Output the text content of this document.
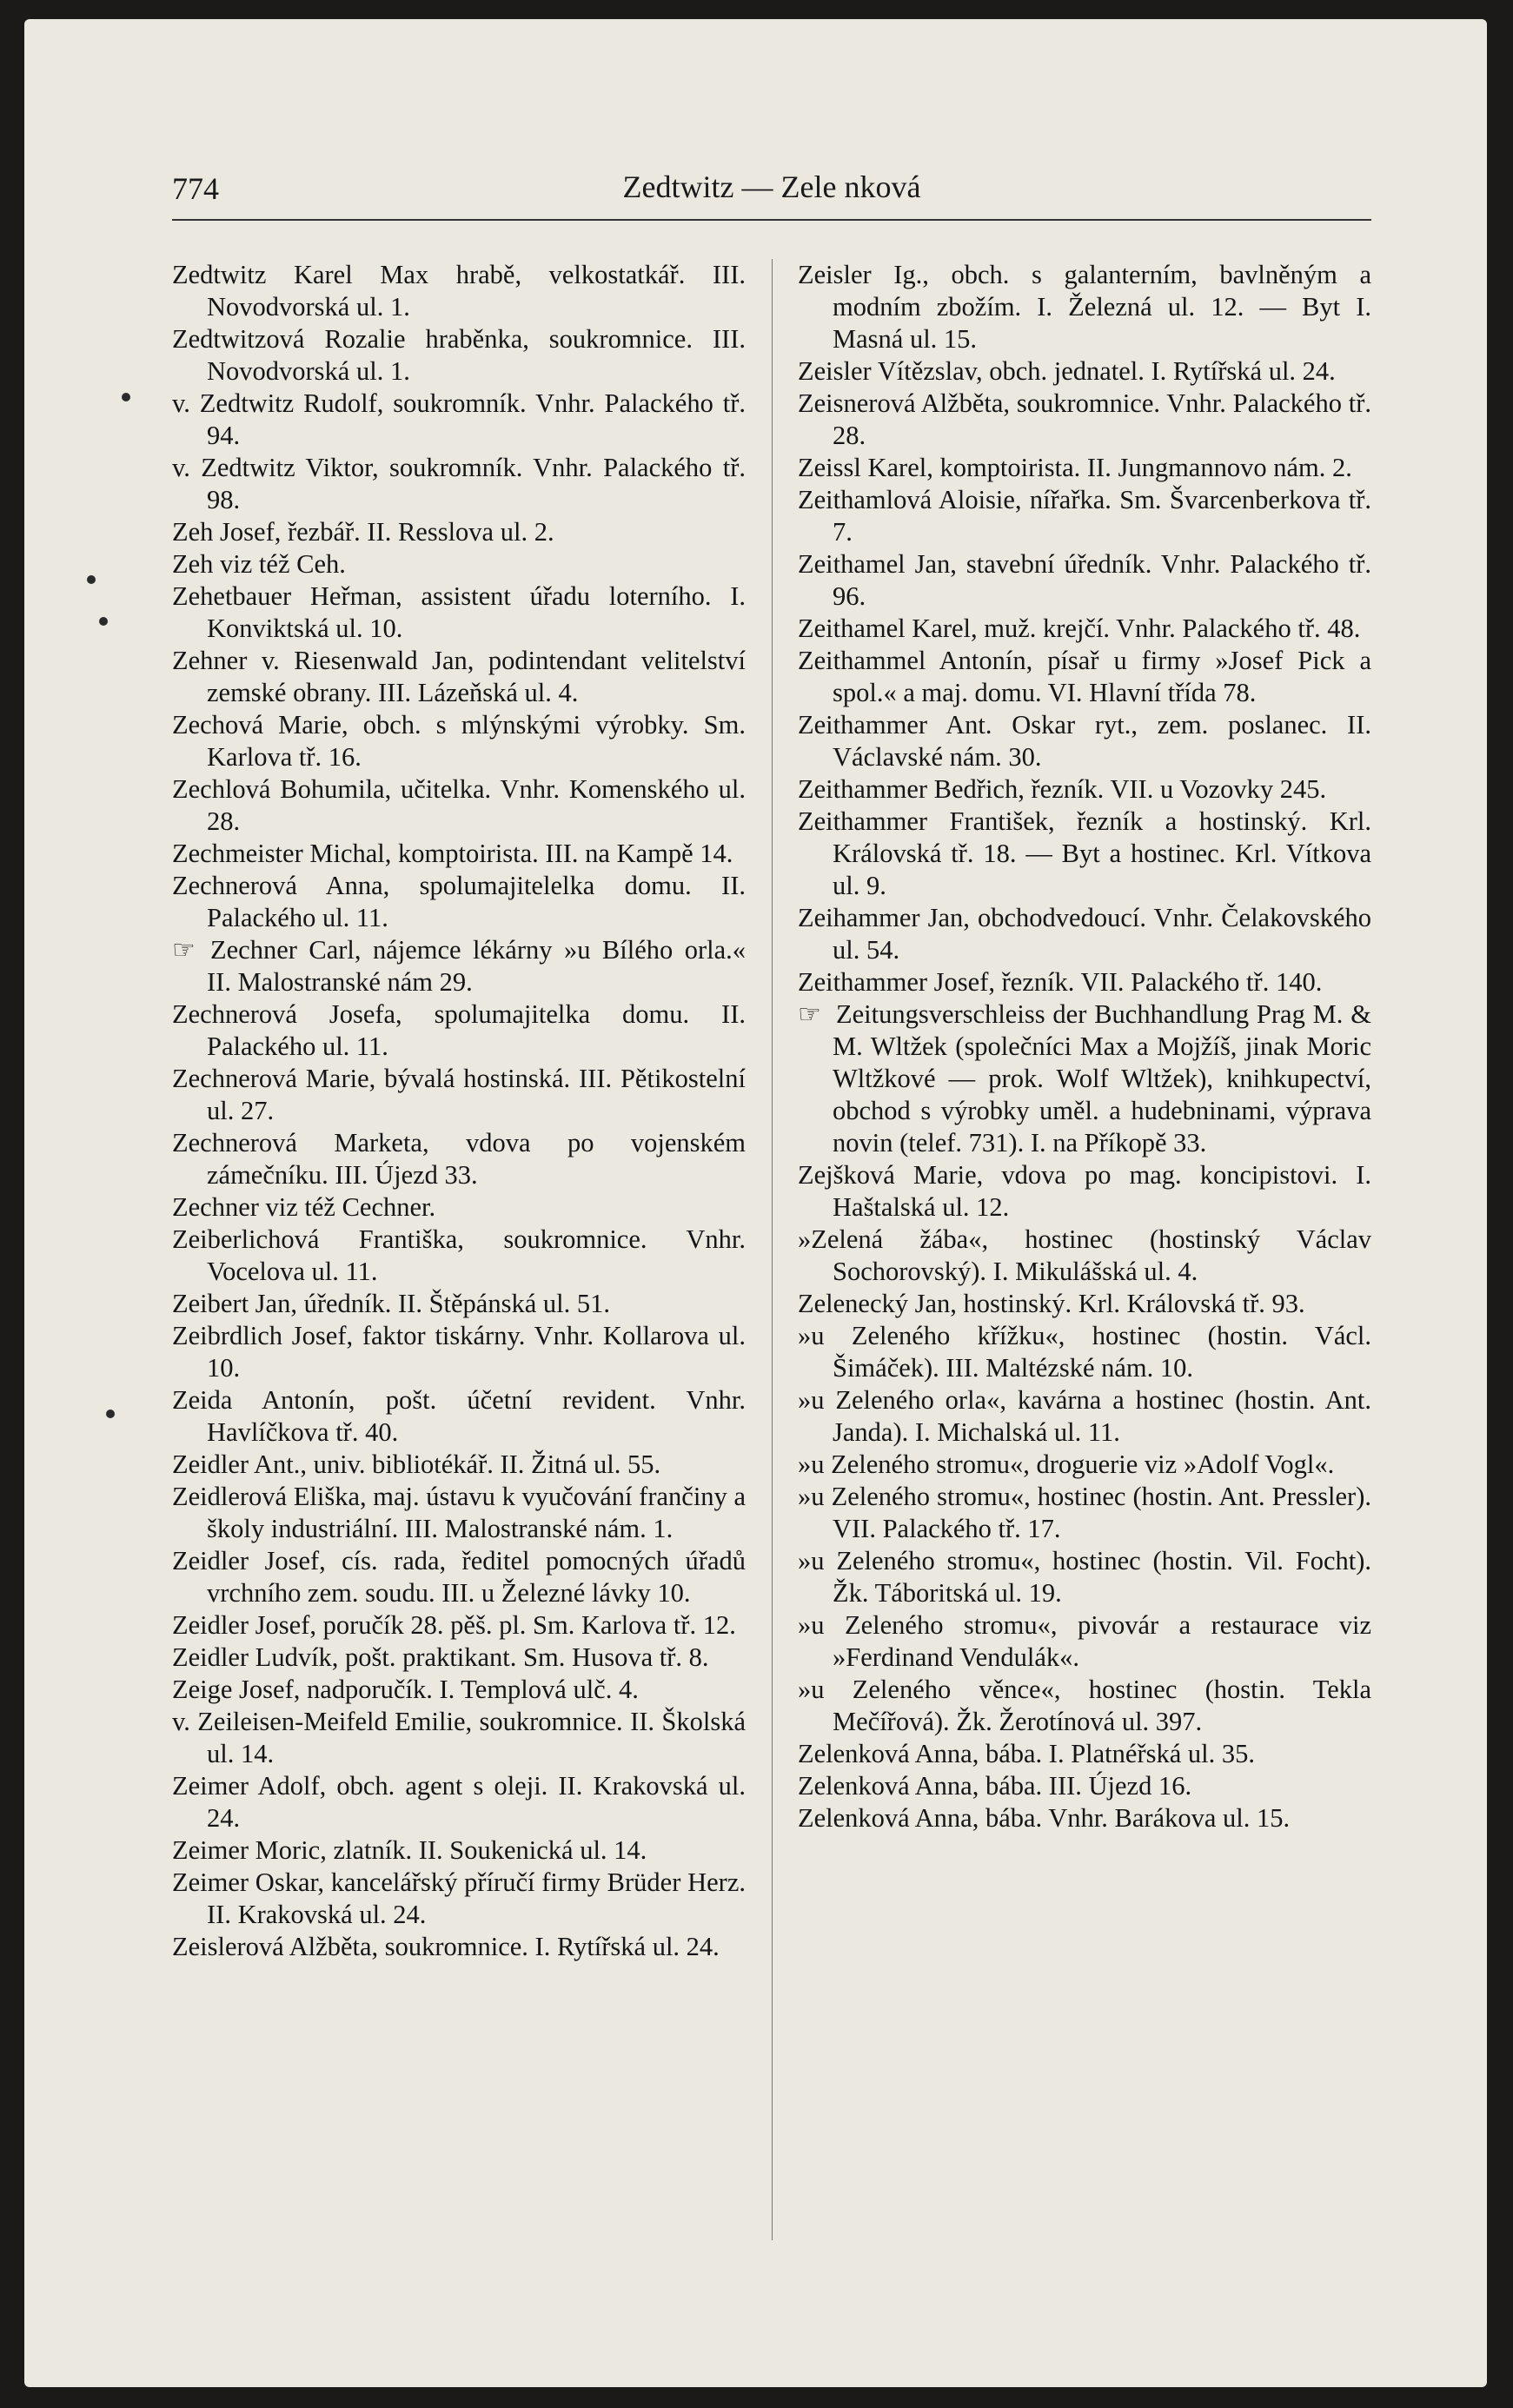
774	Zedtwitz — Zele nková

Zedtwitz Karel Max hrabě, velkostatkář. III. Novodvorská ul. 1.

Zedtwitzová Rozalie hraběnka, soukromnice. III. Novodvorská ul. 1.

v. Zedtwitz Rudolf, soukromník. Vnhr. Palackého tř. 94.

v. Zedtwitz Viktor, soukromník. Vnhr. Palackého tř. 98.

Zeh Josef, řezbář. II. Resslova ul. 2.

Zeh viz též Ceh.

Zehetbauer Heřman, assistent úřadu loterního. I. Konviktská ul. 10.

Zehner v. Riesenwald Jan, podintendant velitelství zemské obrany. III. Lázeňská ul. 4.

Zechová Marie, obch. s mlýnskými výrobky. Sm. Karlova tř. 16.

Zechlová Bohumila, učitelka. Vnhr. Komenského ul. 28.

Zechmeister Michal, komptoirista. III. na Kampě 14.

Zechnerová Anna, spolumajitelelka domu. II. Palackého ul. 11.

☞ Zechner Carl, nájemce lékárny »u Bílého orla.« II. Malostranské nám 29.

Zechnerová Josefa, spolumajitelka domu. II. Palackého ul. 11.

Zechnerová Marie, bývalá hostinská. III. Pětikostelní ul. 27.

Zechnerová Marketa, vdova po vojenském zámečníku. III. Újezd 33.

Zechner viz též Cechner.

Zeiberlichová Františka, soukromnice. Vnhr. Vocelova ul. 11.

Zeibert Jan, úředník. II. Štěpánská ul. 51.

Zeibrdlich Josef, faktor tiskárny. Vnhr. Kollarova ul. 10.

Zeida Antonín, pošt. účetní revident. Vnhr. Havlíčkova tř. 40.

Zeidler Ant., univ. bibliotékář. II. Žitná ul. 55.

Zeidlerová Eliška, maj. ústavu k vyučování frančiny a školy industriální. III. Malostranské nám. 1.

Zeidler Josef, cís. rada, ředitel pomocných úřadů vrchního zem. soudu. III. u Železné lávky 10.

Zeidler Josef, poručík 28. pěš. pl. Sm. Karlova tř. 12.

Zeidler Ludvík, pošt. praktikant. Sm. Husova tř. 8.

Zeige Josef, nadporučík. I. Templová ulč. 4.

v. Zeileisen-Meifeld Emilie, soukromnice. II. Školská ul. 14.

Zeimer Adolf, obch. agent s oleji. II. Krakovská ul. 24.

Zeimer Moric, zlatník. II. Soukenická ul. 14.

Zeimer Oskar, kancelářský příručí firmy Brüder Herz. II. Krakovská ul. 24.

Zeislerová Alžběta, soukromnice. I. Rytířská ul. 24.

Zeisler Ig., obch. s galanterním, bavlněným a modním zbožím. I. Železná ul. 12. — Byt I. Masná ul. 15.

Zeisler Vítězslav, obch. jednatel. I. Rytířská ul. 24.

Zeisnerová Alžběta, soukromnice. Vnhr. Palackého tř. 28.

Zeissl Karel, komptoirista. II. Jungmannovo nám. 2.

Zeithamlová Aloisie, nířařka. Sm. Švarcenberkova tř. 7.

Zeithamel Jan, stavební úředník. Vnhr. Palackého tř. 96.

Zeithamel Karel, muž. krejčí. Vnhr. Palackého tř. 48.

Zeithammel Antonín, písař u firmy »Josef Pick a spol.« a maj. domu. VI. Hlavní třída 78.

Zeithammer Ant. Oskar ryt., zem. poslanec. II. Václavské nám. 30.

Zeithammer Bedřich, řezník. VII. u Vozovky 245.

Zeithammer František, řezník a hostinský. Krl. Královská tř. 18. — Byt a hostinec. Krl. Vítkova ul. 9.

Zeihammer Jan, obchodvedoucí. Vnhr. Čelakovského ul. 54.

Zeithammer Josef, řezník. VII. Palackého tř. 140.

☞ Zeitungsverschleiss der Buchhandlung Prag M. & M. Wltžek (společníci Max a Mojžíš, jinak Moric Wltžkové — prok. Wolf Wltžek), knihkupectví, obchod s výrobky uměl. a hudebninami, výprava novin (telef. 731). I. na Příkopě 33.

Zejšková Marie, vdova po mag. koncipistovi. I. Haštalská ul. 12.

»Zelená žába«, hostinec (hostinský Václav Sochorovský). I. Mikulášská ul. 4.

Zelenecký Jan, hostinský. Krl. Královská tř. 93.

»u Zeleného křížku«, hostinec (hostin. Václ. Šimáček). III. Maltézské nám. 10.

»u Zeleného orla«, kavárna a hostinec (hostin. Ant. Janda). I. Michalská ul. 11.

»u Zeleného stromu«, droguerie viz »Adolf Vogl«.

»u Zeleného stromu«, hostinec (hostin. Ant. Pressler). VII. Palackého tř. 17.

»u Zeleného stromu«, hostinec (hostin. Vil. Focht). Žk. Táboritská ul. 19.

»u Zeleného stromu«, pivovár a restaurace viz »Ferdinand Vendulák«.

»u Zeleného věnce«, hostinec (hostin. Tekla Mečířová). Žk. Žerotínová ul. 397.

Zelenková Anna, bába. I. Platnéřská ul. 35.

Zelenková Anna, bába. III. Újezd 16.

Zelenková Anna, bába. Vnhr. Barákova ul. 15.
